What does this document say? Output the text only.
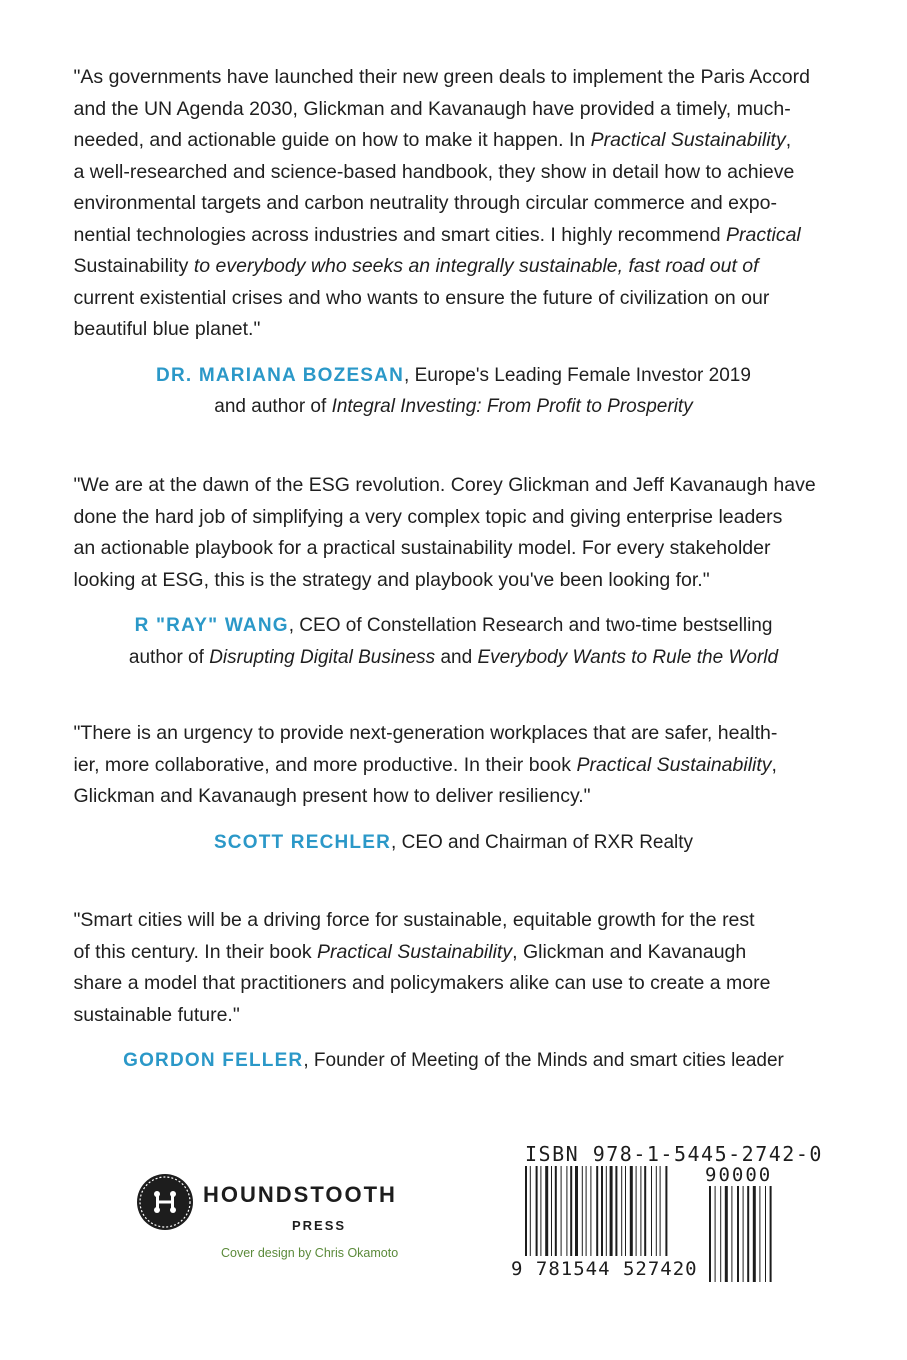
"As governments have launched their new green deals to implement the Paris Accord
and the UN Agenda 2030, Glickman and Kavanaugh have provided a timely, much-
needed, and actionable guide on how to make it happen. In Practical Sustainability,
a well-researched and science-based handbook, they show in detail how to achieve
environmental targets and carbon neutrality through circular commerce and expo-
nential technologies across industries and smart cities. I highly recommend Practical
Sustainability to everybody who seeks an integrally sustainable, fast road out of
current existential crises and who wants to ensure the future of civilization on our
beautiful blue planet."
DR. MARIANA BOZESAN, Europe's Leading Female Investor 2019
and author of Integral Investing: From Profit to Prosperity
"We are at the dawn of the ESG revolution. Corey Glickman and Jeff Kavanaugh have
done the hard job of simplifying a very complex topic and giving enterprise leaders
an actionable playbook for a practical sustainability model. For every stakeholder
looking at ESG, this is the strategy and playbook you've been looking for."
R "RAY" WANG, CEO of Constellation Research and two-time bestselling
author of Disrupting Digital Business and Everybody Wants to Rule the World
"There is an urgency to provide next-generation workplaces that are safer, health-
ier, more collaborative, and more productive. In their book Practical Sustainability,
Glickman and Kavanaugh present how to deliver resiliency."
SCOTT RECHLER, CEO and Chairman of RXR Realty
"Smart cities will be a driving force for sustainable, equitable growth for the rest
of this century. In their book Practical Sustainability, Glickman and Kavanaugh
share a model that practitioners and policymakers alike can use to create a more
sustainable future."
GORDON FELLER, Founder of Meeting of the Minds and smart cities leader
HOUNDSTOOTH
PRESS
Cover design by Chris Okamoto
ISBN 978-1-5445-2742-0
90000
9 781544 527420
